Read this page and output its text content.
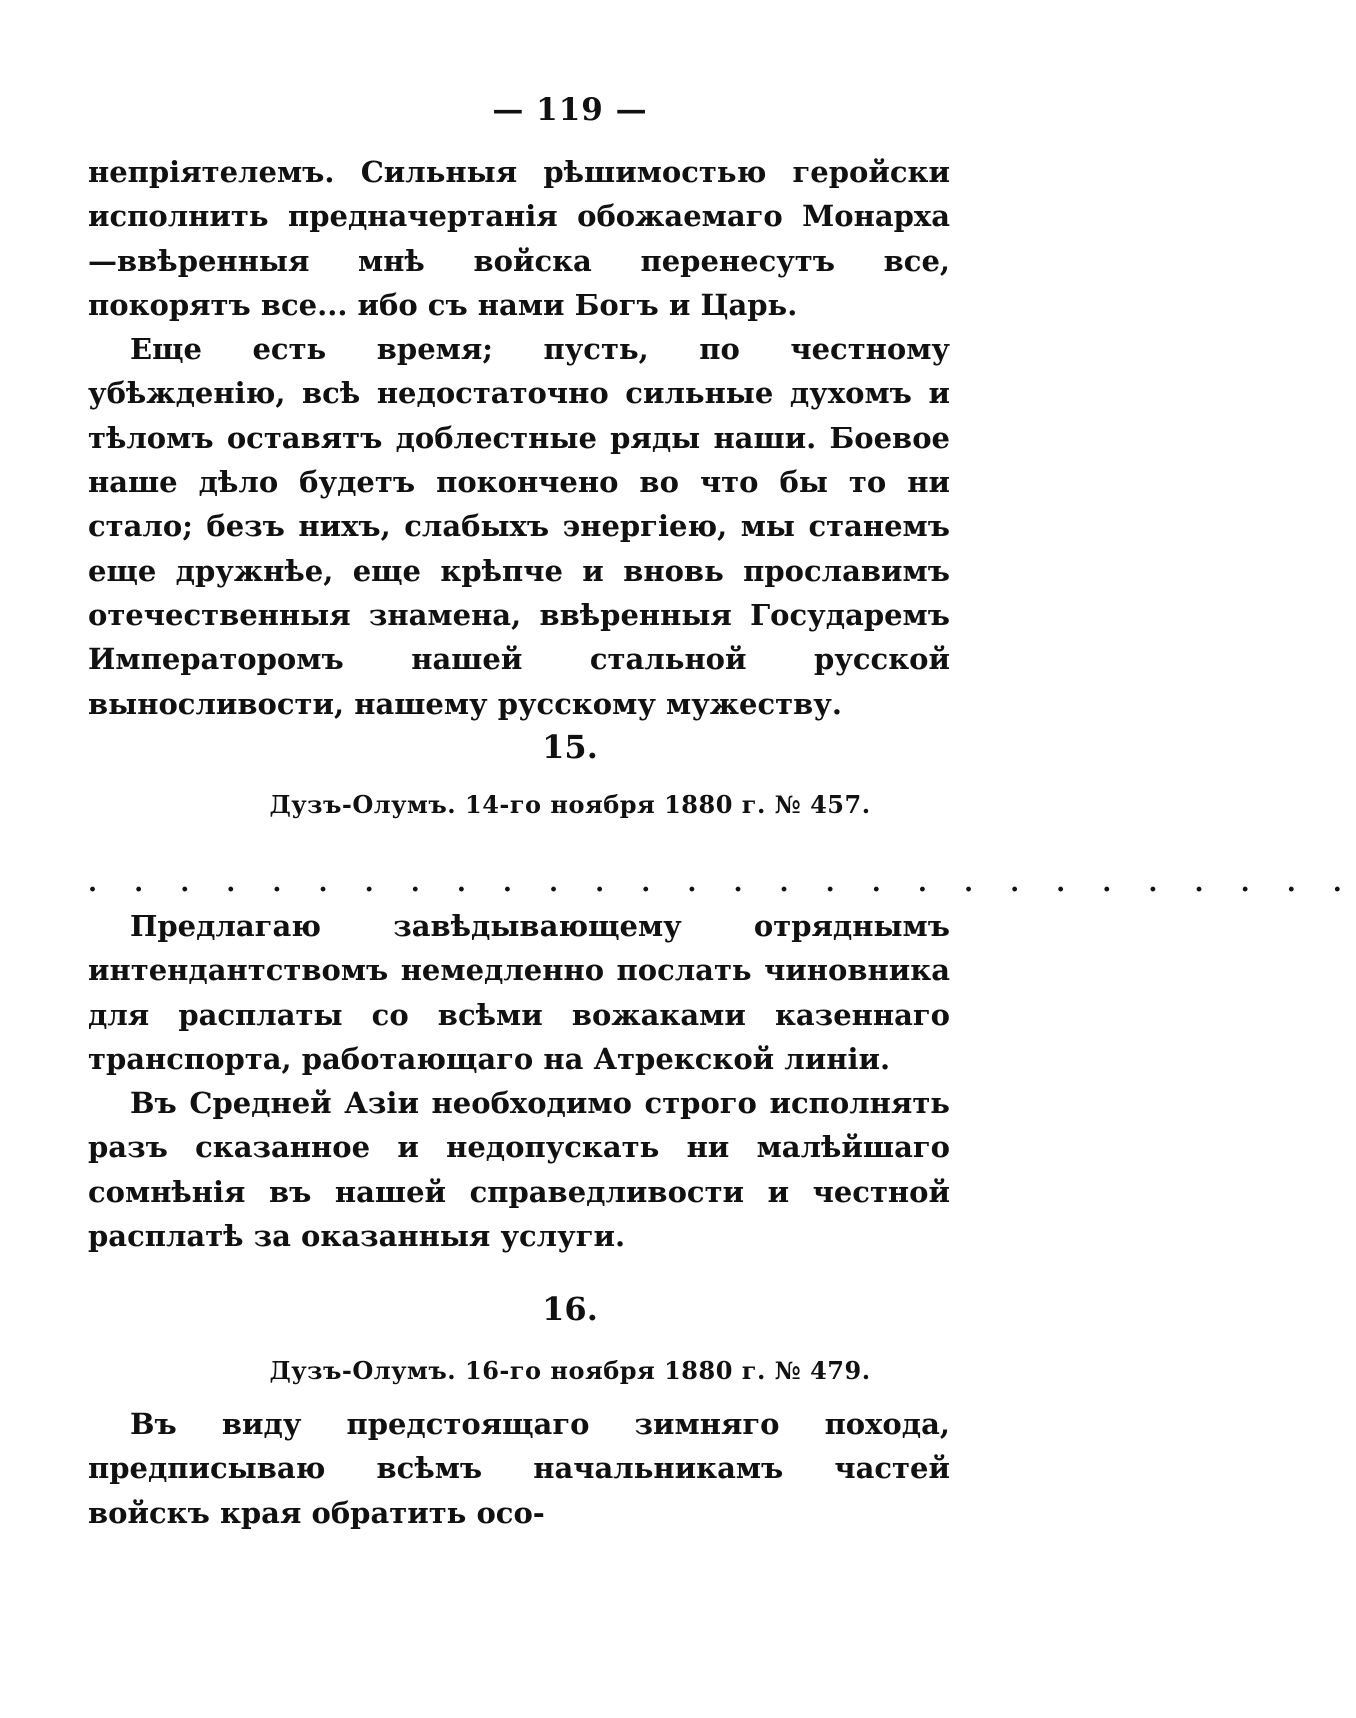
— 119 —

непріятелемъ. Сильныя рѣшимостью геройски исполнить предначертанія обожаемаго Монарха—ввѣренныя мнѣ войска перенесутъ все, покорятъ все... ибо съ нами Богъ и Царь.

Еще есть время; пусть, по честному убѣжденію, всѣ недостаточно сильные духомъ и тѣломъ оставятъ доблестные ряды наши. Боевое наше дѣло будетъ покончено во что бы то ни стало; безъ нихъ, слабыхъ энергіею, мы станемъ еще дружнѣе, еще крѣпче и вновь прославимъ отечественныя знамена, ввѣренныя Государемъ Императоромъ нашей стальной русской выносливости, нашему русскому мужеству.

15.
Дузъ-Олумъ. 14-го ноября 1880 г. № 457.
. . . . . . . . . . . . . . . . . . . . . . . . . . . .

Предлагаю завѣдывающему отряднымъ интендантствомъ немедленно послать чиновника для расплаты со всѣми вожаками казеннаго транспорта, работающаго на Атрекской линіи.

Въ Средней Азіи необходимо строго исполнять разъ сказанное и недопускать ни малѣйшаго сомнѣнія въ нашей справедливости и честной расплатѣ за оказанныя услуги.

16.
Дузъ-Олумъ. 16-го ноября 1880 г. № 479.

Въ виду предстоящаго зимняго похода, предписываю всѣмъ начальникамъ частей войскъ края обратить осо-
